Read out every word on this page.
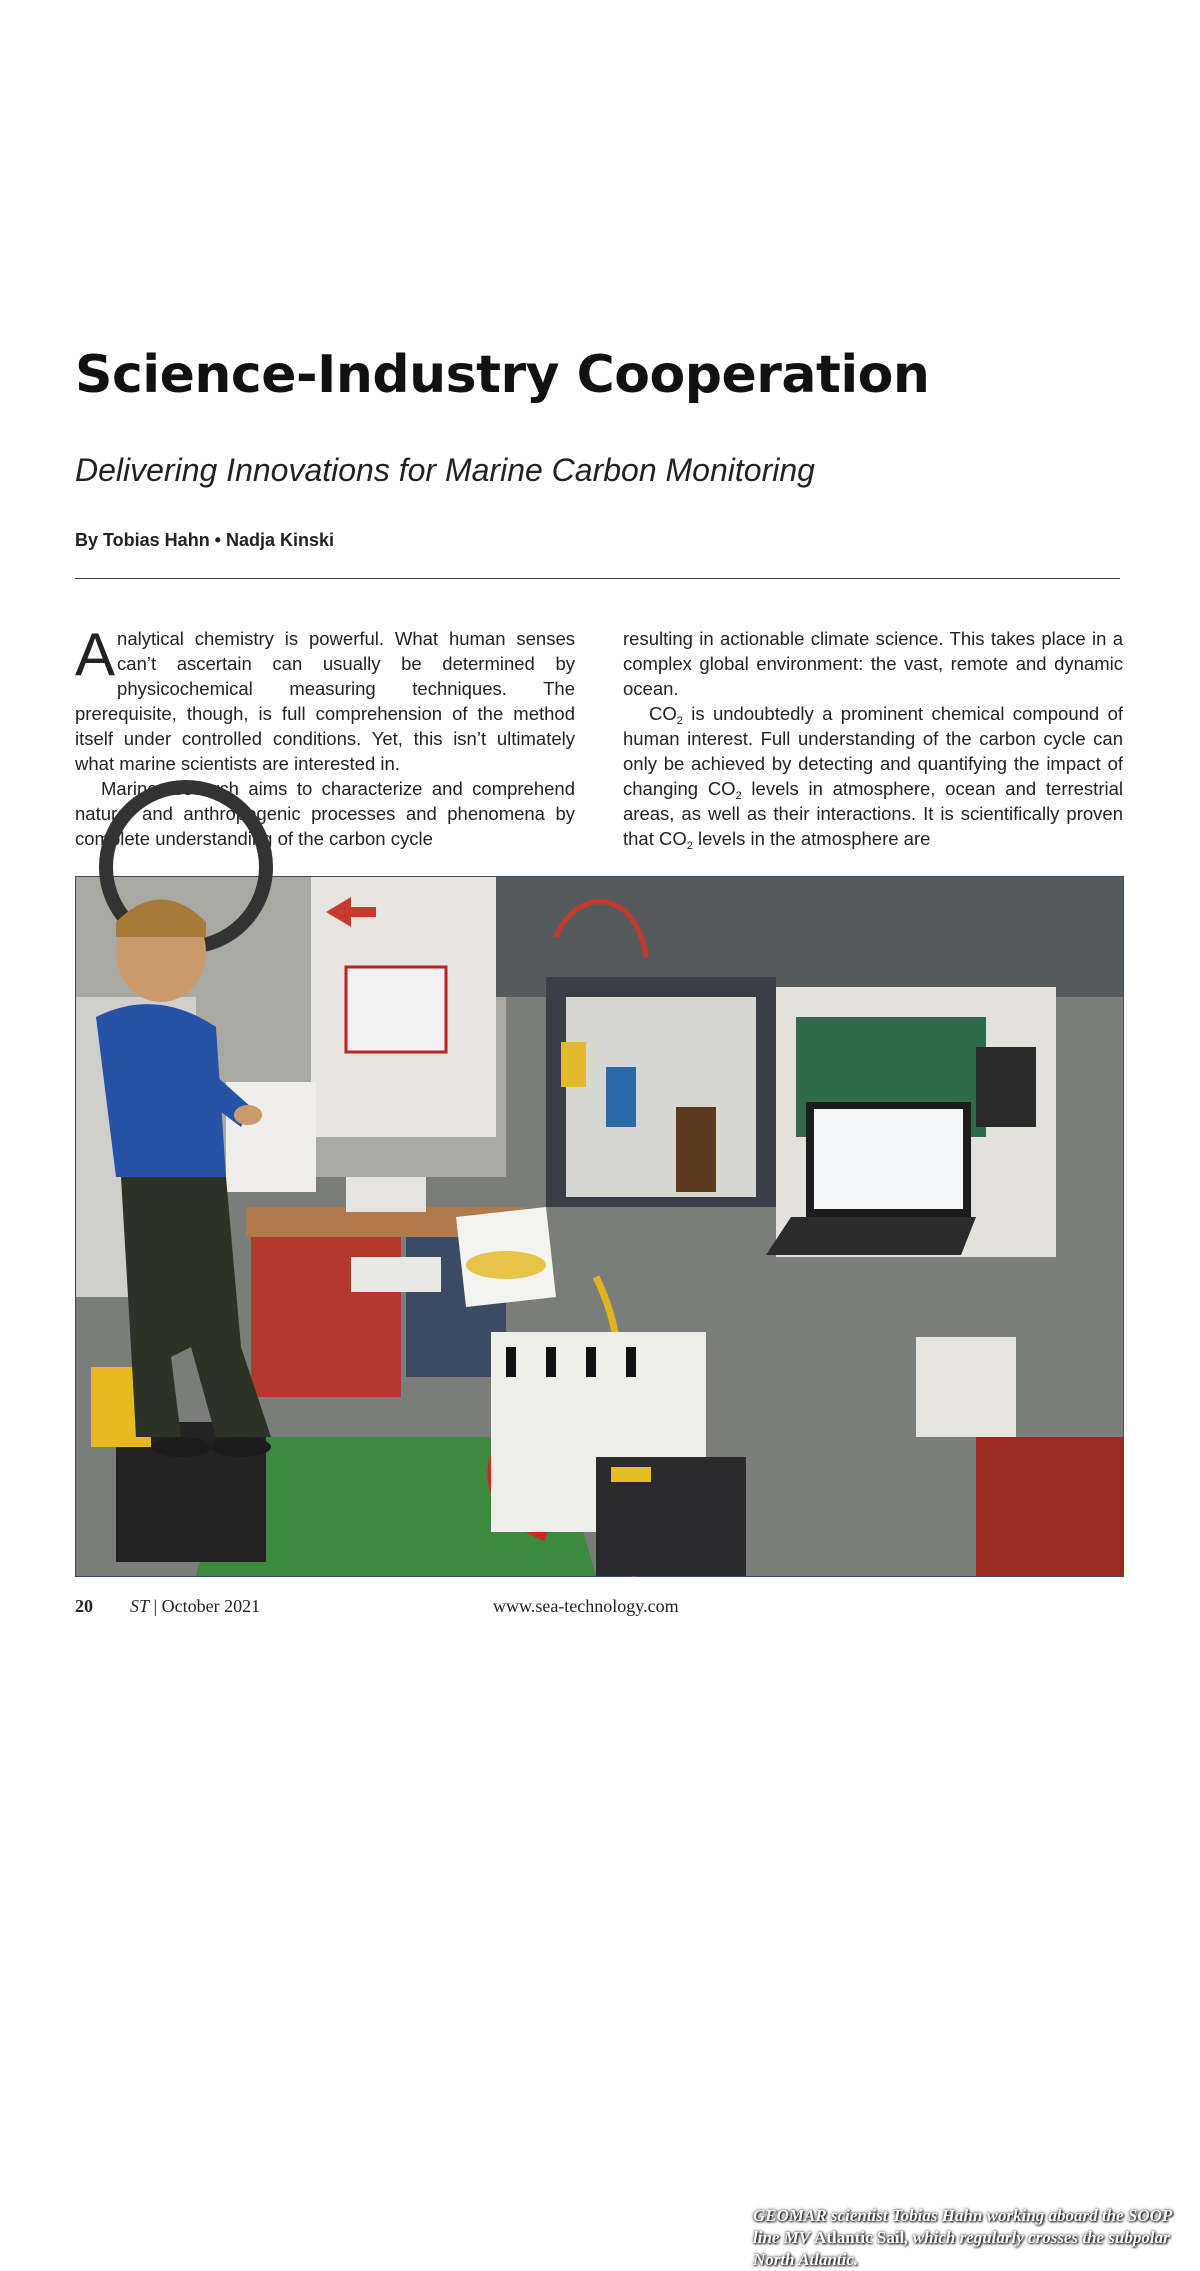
Science-Industry Cooperation
Delivering Innovations for Marine Carbon Monitoring
By Tobias Hahn • Nadja Kinski

Analytical chemistry is powerful. What human senses can’t ascertain can usually be determined by physicochemical measuring techniques. The prerequisite, though, is full comprehension of the method itself under controlled conditions. Yet, this isn’t ultimately what marine scientists are interested in.

Marine research aims to characterize and comprehend natural and anthropogenic processes and phenomena by complete understanding of the carbon cycle

resulting in actionable climate science. This takes place in a complex global environment: the vast, remote and dynamic ocean.

$CO_2$ is undoubtedly a prominent chemical compound of human interest. Full understanding of the carbon cycle can only be achieved by detecting and quantifying the impact of changing $CO_2$ levels in atmosphere, ocean and terrestrial areas, as well as their interactions. It is scientifically proven that $CO_2$ levels in the atmosphere are

GEOMAR scientist Tobias Hahn working aboard the SOOP line MV Atlantic Sail, which regularly crosses the subpolar North Atlantic.
20 ST | October 2021	www.sea-technology.com
